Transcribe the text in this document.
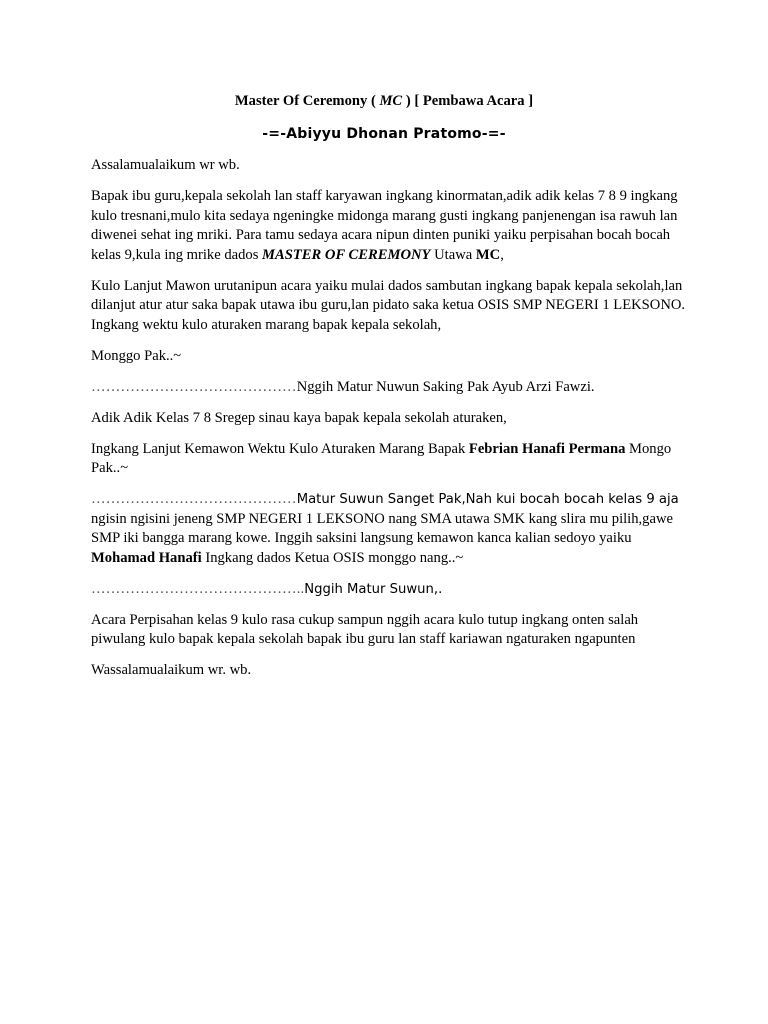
Master Of Ceremony ( MC ) [ Pembawa Acara ]
-=-Abiyyu Dhonan Pratomo-=-

Assalamualaikum wr wb.

Bapak ibu guru,kepala sekolah lan staff karyawan ingkang kinormatan,adik adik kelas 7 8 9 ingkang kulo tresnani,mulo kita sedaya ngeningke midonga marang gusti ingkang panjenengan isa rawuh lan diwenei sehat ing mriki. Para tamu sedaya acara nipun dinten puniki yaiku perpisahan bocah bocah kelas 9,kula ing mrike dados MASTER OF CEREMONY Utawa MC,

Kulo Lanjut Mawon urutanipun acara yaiku mulai dados sambutan ingkang bapak kepala sekolah,lan dilanjut atur atur saka bapak utawa ibu guru,lan pidato saka ketua OSIS SMP NEGERI 1 LEKSONO. Ingkang wektu kulo aturaken marang bapak kepala sekolah,

Monggo Pak..~

……………………………………Nggih Matur Nuwun Saking Pak Ayub Arzi Fawzi.

Adik Adik Kelas 7 8 Sregep sinau kaya bapak kepala sekolah aturaken,

Ingkang Lanjut Kemawon Wektu Kulo Aturaken Marang Bapak Febrian Hanafi Permana Mongo Pak..~

……………………………………Matur Suwun Sanget Pak,Nah kui bocah bocah kelas 9 aja ngisin ngisini jeneng SMP NEGERI 1 LEKSONO nang SMA utawa SMK kang slira mu pilih,gawe SMP iki bangga marang kowe. Inggih saksini langsung kemawon kanca kalian sedoyo yaiku Mohamad Hanafi Ingkang dados Ketua OSIS monggo nang..~

……………………………………..Nggih Matur Suwun,.

Acara Perpisahan kelas 9 kulo rasa cukup sampun nggih acara kulo tutup ingkang onten salah piwulang kulo bapak kepala sekolah bapak ibu guru lan staff kariawan ngaturaken ngapunten

Wassalamualaikum wr. wb.
